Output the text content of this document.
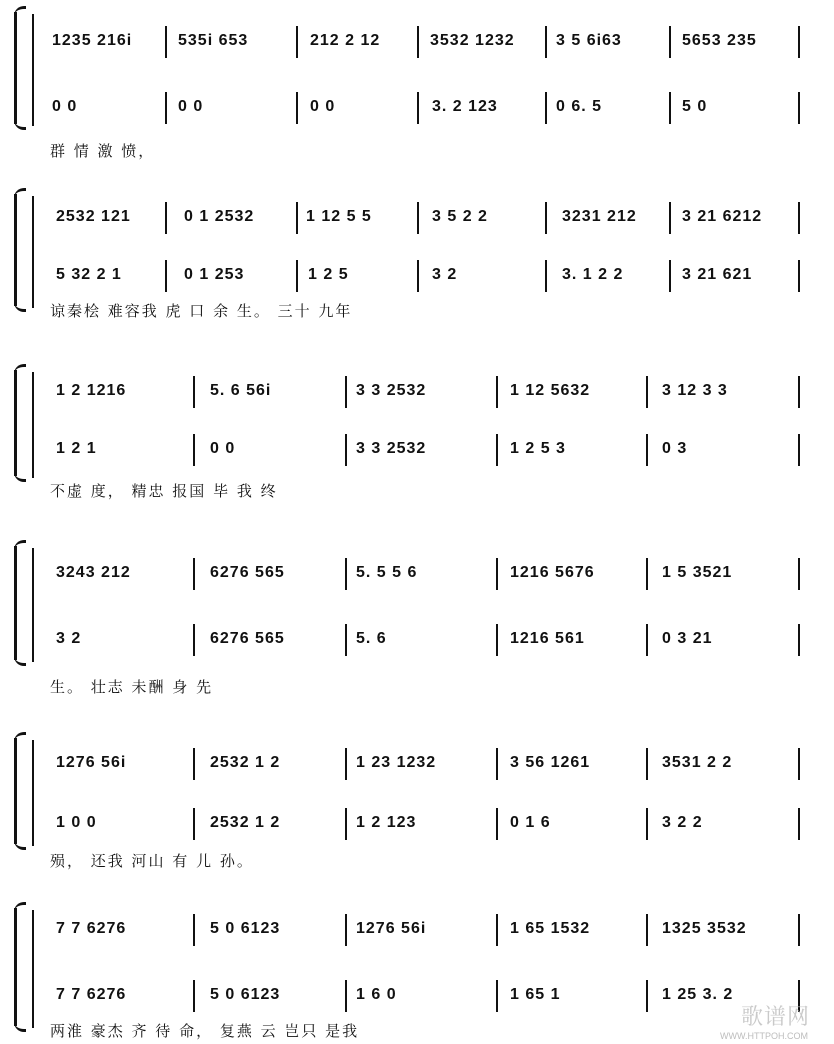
1235 216i	535i 653	212 2 12	3532 1232	3 5 6i63	5653 235
0 0	0 0	0 0	3. 2 123	0 6. 5	5 0
群 情 激 愤，
2532 121	0 1 2532	1 12 5 5	3 5 2 2	3231 212	3 21 6212
5 32 2 1	0 1 253	1 2 5	3 2	3. 1 2 2	3 21 621
谅秦桧 难容我 虎 口 余 生。 三十 九年
1 2 1216	5. 6 56i	3 3 2532	1 12 5632	3 12 3 3
1 2 1	0 0	3 3 2532	1 2 5 3	0 3
不虚 度， 精忠 报国 毕 我 终
3243 212	6276 565	5. 5 5 6	1216 5676	1 5 3521
3 2	6276 565	5. 6	1216 561	0 3 21
生。 壮志 未酬 身 先
1276 56i	2532 1 2	1 23 1232	3 56 1261	3531 2 2
1 0 0	2532 1 2	1 2 123	0 1 6	3 2 2
殒， 还我 河山 有 儿 孙。
7 7 6276	5 0 6123	1276 56i	1 65 1532	1325 3532
7 7 6276	5 0 6123	1 6 0	1 65 1	1 25 3. 2
两淮 豪杰 齐 待 命， 复燕 云 岂只 是我
歌谱网
WWW.HTTPOH.COM
